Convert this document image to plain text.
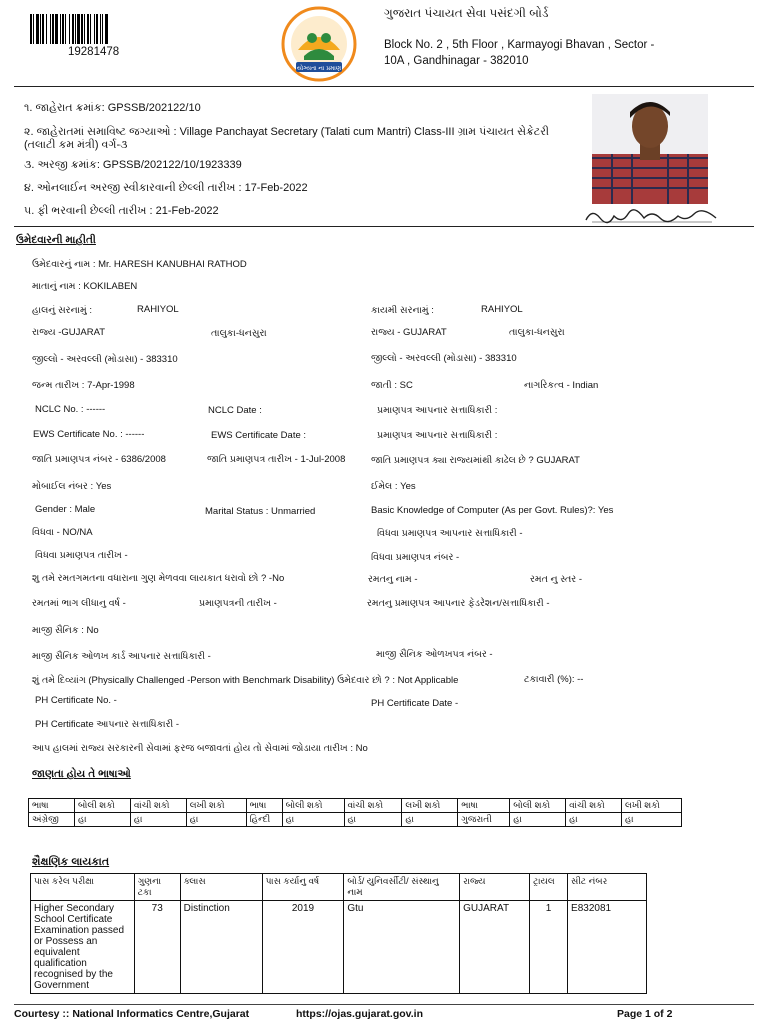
19281478
યોગ્યતા ના પ્રમાણ
ગુજરાત પંચાયત સેવા પસંદગી બોર્ડ
Block No. 2 , 5th Floor , Karmayogi Bhavan , Sector -
10A , Gandhinagar - 382010
૧. જાહેરાત ક્રમાંક: GPSSB/202122/10
૨. જાહેરાતમાં સમાવિષ્ટ જગ્યાઓ : Village Panchayat Secretary (Talati cum Mantri) Class-III ગ્રામ પંચાયત સેક્રેટરી
(તલાટી કમ મંત્રી) વર્ગ-૩
૩. અરજી ક્રમાંક: GPSSB/202122/10/1923339
૪. ઓનલાઈન અરજી સ્વીકારવાની છેલ્લી તારીખ : 17-Feb-2022
૫. ફી ભરવાની છેલ્લી તારીખ : 21-Feb-2022
ઉમેદવારની માહીતી
ઉમેદવારનું નામ : Mr. HARESH KANUBHAI RATHOD
માતાનું નામ : KOKILABEN
હાલનું સરનામું :	RAHIYOL	કાયમી સરનામું :	RAHIYOL
રાજ્ય -GUJARAT	તાલુકા-ધનસુરા	રાજ્ય - GUJARAT	તાલુકા-ધનસુરા
જીલ્લો - અરવલ્લી (મોડાસા) - 383310	જીલ્લો - અરવલ્લી (મોડાસા) - 383310
જન્મ તારીખ : 7-Apr-1998	જાતી : SC	નાગરિકત્વ - Indian
NCLC No. : ------	NCLC Date :	પ્રમાણપત્ર આપનાર સત્તાધિકારી :
EWS Certificate No. : ------	EWS Certificate Date :	પ્રમાણપત્ર આપનાર સત્તાધિકારી :
જાતિ પ્રમાણપત્ર નંબર - 6386/2008	જાતિ પ્રમાણપત્ર તારીખ - 1-Jul-2008	જાતિ પ્રમાણપત્ર ક્યા રાજ્યમાંથી કાઢેલ છે ? GUJARAT
મોબાઈલ નંબર : Yes	ઈમેલ : Yes
Gender : Male	Marital Status : Unmarried	Basic Knowledge of Computer (As per Govt. Rules)?: Yes
વિધવા - NO/NA	વિધવા પ્રમાણપત્ર આપનાર સત્તાધિકારી -
વિધવા પ્રમાણપત્ર તારીખ -	વિધવા પ્રમાણપત્ર નંબર -
શુ તમે રમતગમતના વધારાના ગુણ મેળવવા લાયકાત ધરાવો છો ? -No	રમતનુ નામ -	રમત નુ સ્તર -
રમતમાં ભાગ લીધાનુ વર્ષ -	પ્રમાણપત્રની તારીખ -	રમતનુ પ્રમાણપત્ર આપનાર ફેડરેશન/સત્તાધિકારી -
માજી સૈનિક : No
માજી સૈનિક ઓળખ કાર્ડ આપનાર સત્તાધિકારી -	માજી સૈનિક ઓળખપત્ર નંબર -
શું તમે દિવ્યાંગ (Physically Challenged -Person with Benchmark Disability) ઉમેદવાર છો ? : Not Applicable	ટકાવારી (%): --
PH Certificate No. -	PH Certificate Date -
PH Certificate આપનાર સત્તાધિકારી -
આપ હાલમાં રાજ્ય સરકારની સેવામાં ફરજ બજાવતાં હોય તો સેવામાં જોડાયા તારીખ : No
જાણતા હોય તે ભાષાઓ
ભાષા	બોલી શકો	વાંચી શકો	લખી શકો	ભાષા	બોલી શકો	વાંચી શકો	લખી શકો	ભાષા	બોલી શકો	વાંચી શકો	લખી શકો
અંગ્રેજી	હા	હા	હા	હિન્દી	હા	હા	હા	ગુજરાતી	હા	હા	હા
શૈક્ષણિક લાયકાત
પાસ કરેલ પરીક્ષા	ગુણના ટકા	ક્લાસ	પાસ કર્યાનુ વર્ષ	બોર્ડ/ યુનિવર્સીટી/ સંસ્થાનુ નામ	રાજ્ય	ટ્રાયલ	સીટ નંબર
Higher Secondary School Certificate Examination passed or Possess an equivalent qualification recognised by the Government	73	Distinction	2019	Gtu	GUJARAT	1	E832081
Courtesy :: National Informatics Centre,Gujarat	https://ojas.gujarat.gov.in	Page 1 of 2
